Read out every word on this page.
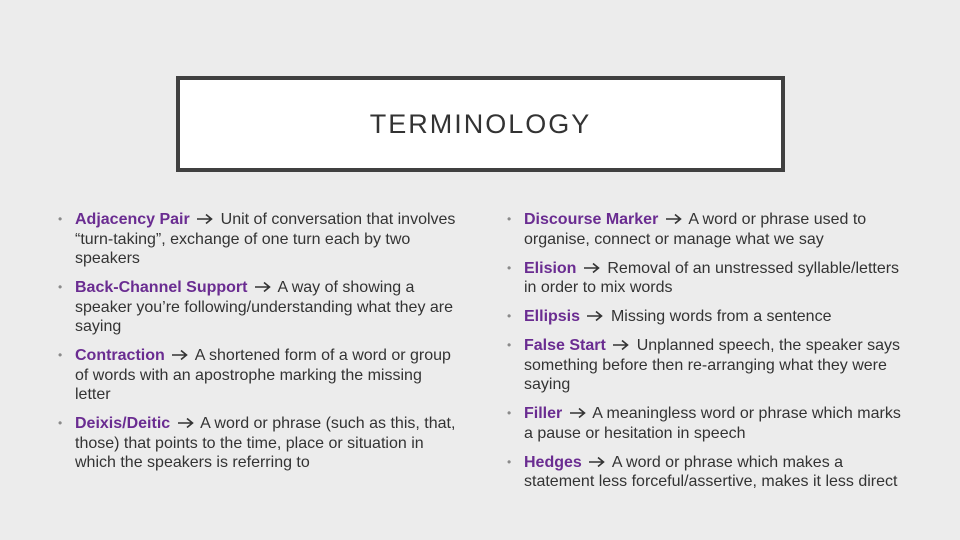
TERMINOLOGY
• Adjacency Pair Unit of conversation that involves “turn-taking”, exchange of one turn each by two speakers
• Back-Channel Support A way of showing a speaker you’re following/understanding what they are saying
• Contraction A shortened form of a word or group of words with an apostrophe marking the missing letter
• Deixis/Deitic A word or phrase (such as this, that, those) that points to the time, place or situation in which the speakers is referring to
• Discourse Marker A word or phrase used to organise, connect or manage what we say
• Elision Removal of an unstressed syllable/letters in order to mix words
• Ellipsis Missing words from a sentence
• False Start Unplanned speech, the speaker says something before then re-arranging what they were saying
• Filler A meaningless word or phrase which marks a pause or hesitation in speech
• Hedges A word or phrase which makes a statement less forceful/assertive, makes it less direct
